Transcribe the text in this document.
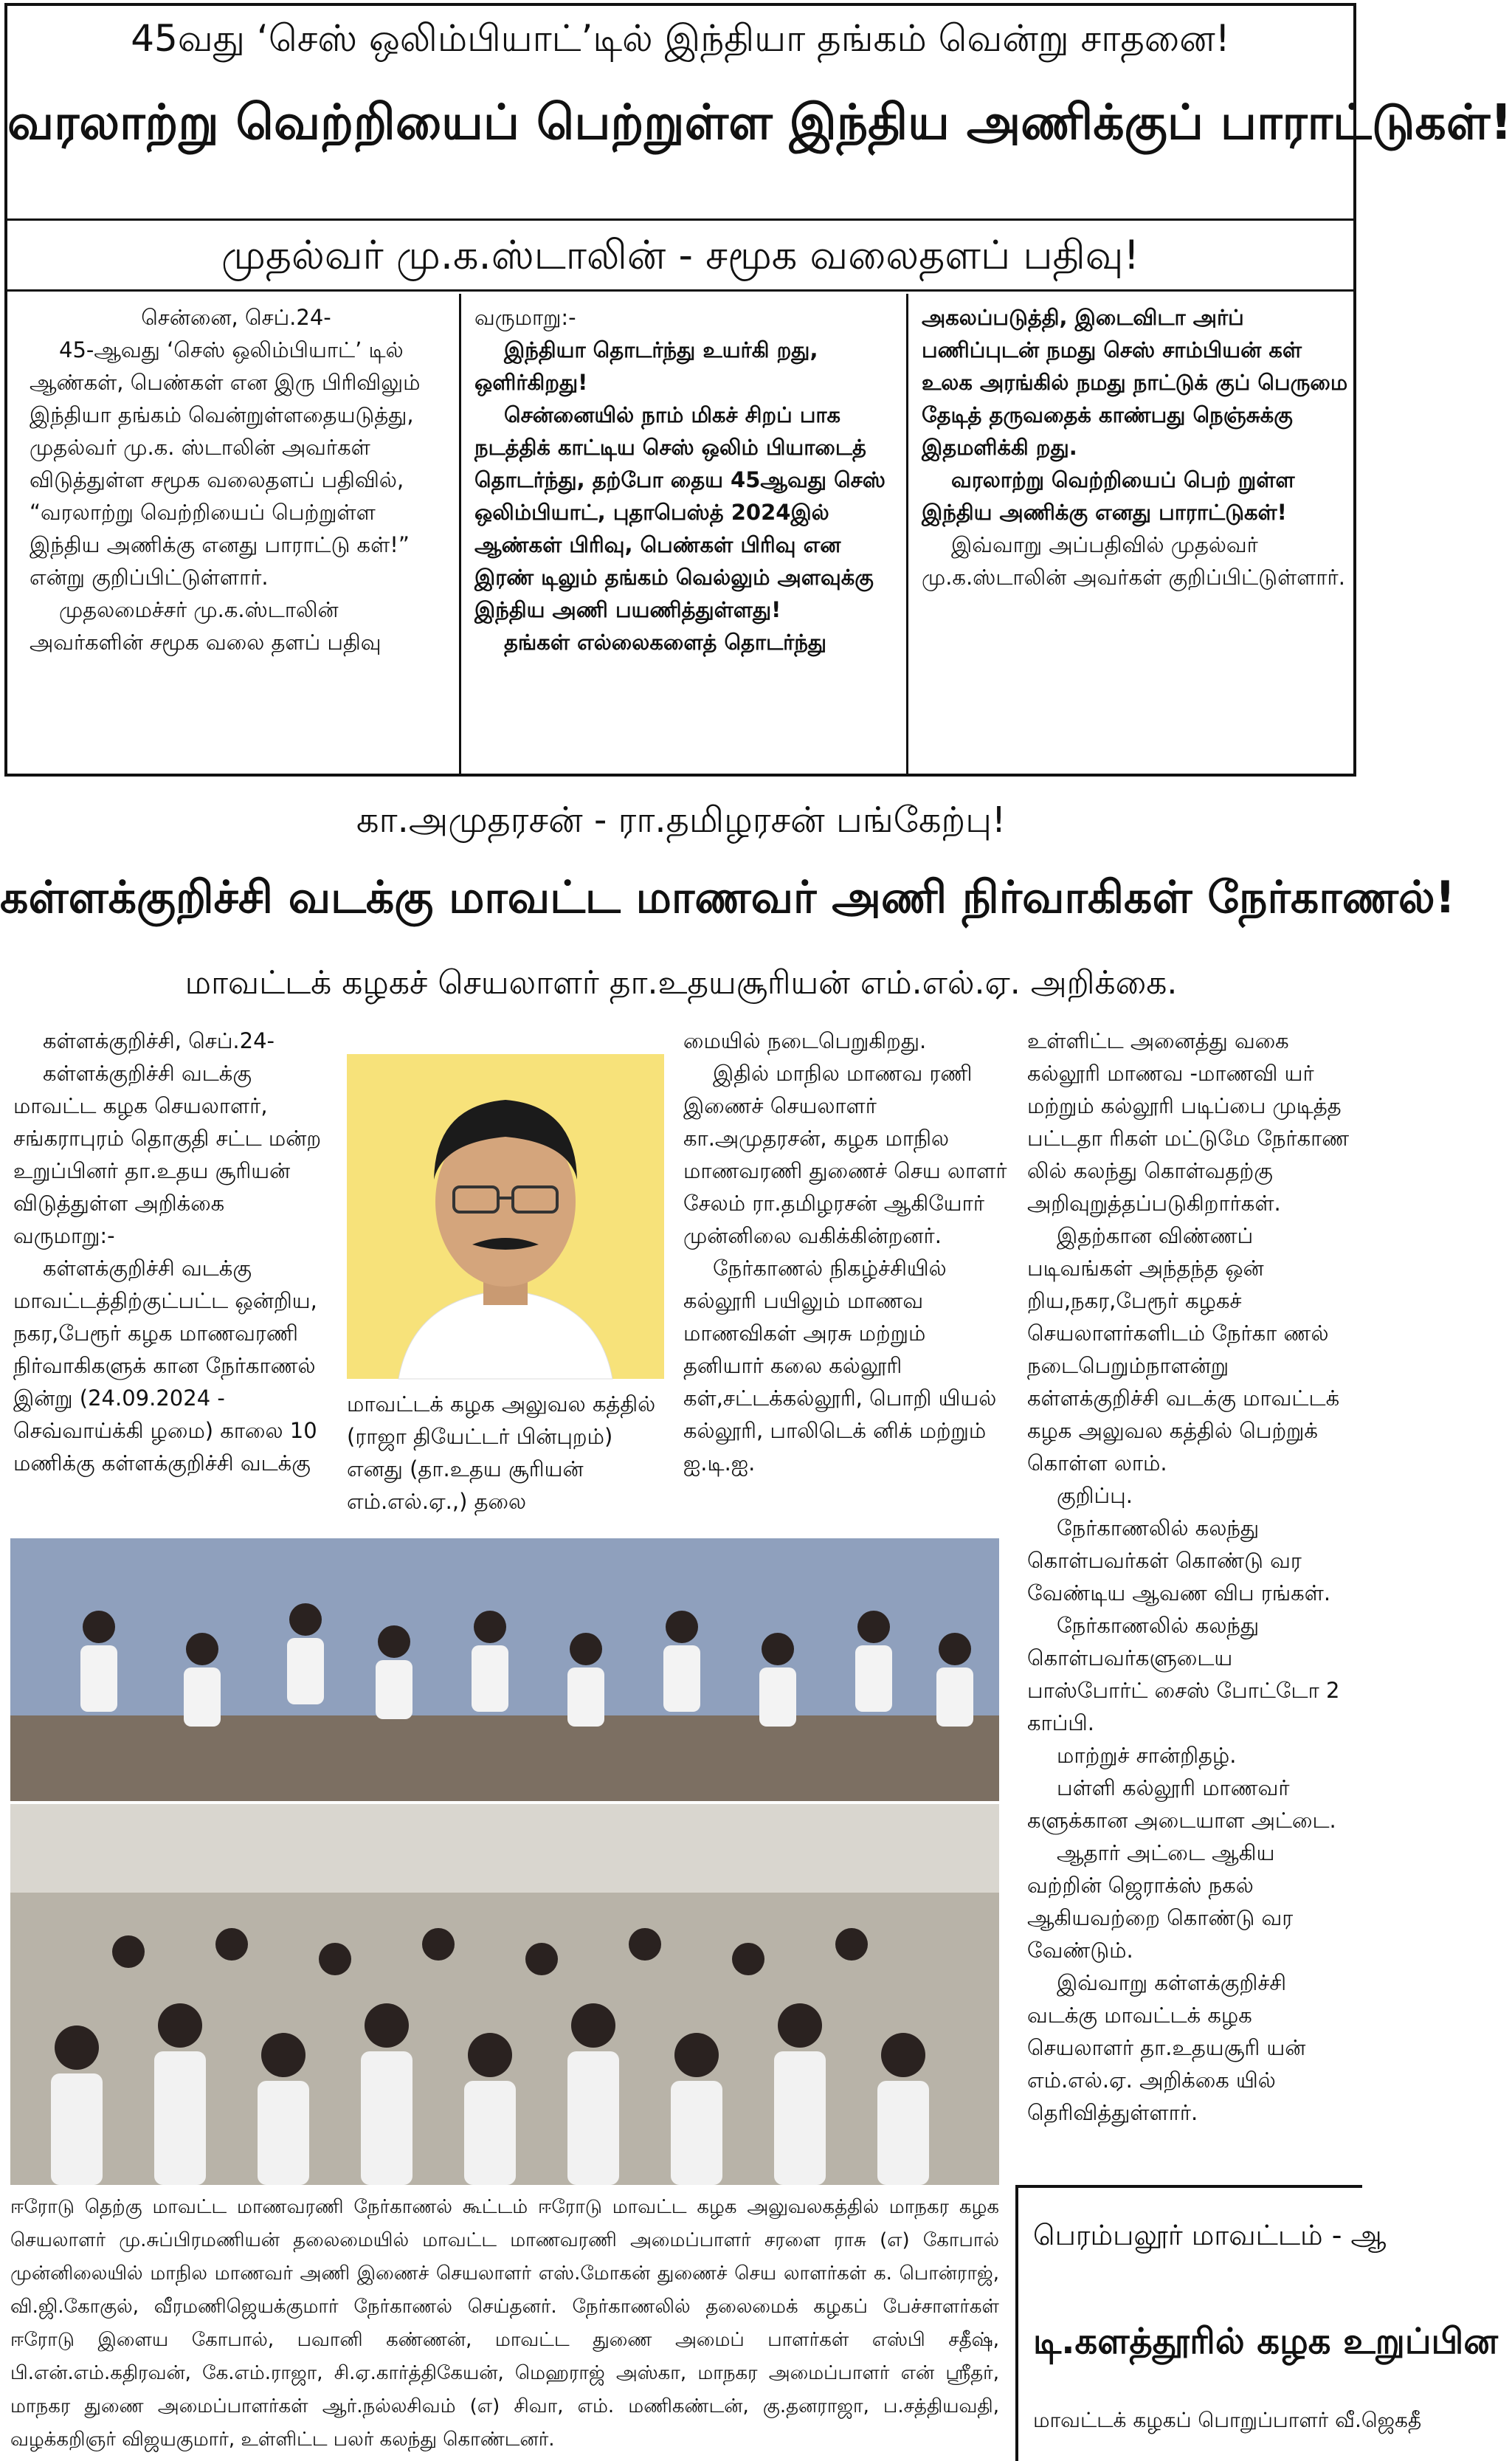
45வது ‘செஸ் ஒலிம்பியாட்’டில் இந்தியா தங்கம் வென்று சாதனை!
வரலாற்று வெற்றியைப் பெற்றுள்ள இந்திய அணிக்குப் பாராட்டுகள்!
முதல்வர் மு.க.ஸ்டாலின் - சமூக வலைதளப் பதிவு!

சென்னை, செப்.24-

45-ஆவது ‘செஸ் ஒலிம்பியாட்’ டில் ஆண்கள், பெண்கள் என இரு பிரிவிலும் இந்தியா தங்கம் வென்றுள்ளதையடுத்து, முதல்வர் மு.க. ஸ்டாலின் அவர்கள் விடுத்துள்ள சமூக வலைதளப் பதிவில், “வரலாற்று வெற்றியைப் பெற்றுள்ள இந்திய அணிக்கு எனது பாராட்டு கள்!” என்று குறிப்பிட்டுள்ளார்.

முதலமைச்சர் மு.க.ஸ்டாலின் அவர்களின் சமூக வலை தளப் பதிவு

வருமாறு:-

இந்தியா தொடர்ந்து உயர்கி றது, ஒளிர்கிறது!

சென்னையில் நாம் மிகச் சிறப் பாக நடத்திக் காட்டிய செஸ் ஒலிம் பியாடைத் தொடர்ந்து, தற்போ தைய 45ஆவது செஸ் ஒலிம்பியாட், புதாபெஸ்த் 2024இல் ஆண்கள் பிரிவு, பெண்கள் பிரிவு என இரண் டிலும் தங்கம் வெல்லும் அளவுக்கு இந்திய அணி பயணித்துள்ளது!

தங்கள் எல்லைகளைத் தொடர்ந்து

அகலப்படுத்தி, இடைவிடா அர்ப் பணிப்புடன் நமது செஸ் சாம்பியன் கள் உலக அரங்கில் நமது நாட்டுக் குப் பெருமை தேடித் தருவதைக் காண்பது நெஞ்சுக்கு இதமளிக்கி றது.

வரலாற்று வெற்றியைப் பெற் றுள்ள இந்திய அணிக்கு எனது பாராட்டுகள்!

இவ்வாறு அப்பதிவில் முதல்வர் மு.க.ஸ்டாலின் அவர்கள் குறிப்பிட்டுள்ளார்.

கா.அமுதரசன் - ரா.தமிழரசன் பங்கேற்பு!
கள்ளக்குறிச்சி வடக்கு மாவட்ட மாணவர் அணி நிர்வாகிகள் நேர்காணல்!
மாவட்டக் கழகச் செயலாளர் தா.உதயசூரியன் எம்.எல்.ஏ. அறிக்கை.

கள்ளக்குறிச்சி, செப்.24-

கள்ளக்குறிச்சி வடக்கு மாவட்ட கழக செயலாளர், சங்கராபுரம் தொகுதி சட்ட மன்ற உறுப்பினர் தா.உதய சூரியன் விடுத்துள்ள அறிக்கை வருமாறு:-

கள்ளக்குறிச்சி வடக்கு மாவட்டத்திற்குட்பட்ட ஒன்றிய, நகர,பேரூர் கழக மாணவரணி நிர்வாகிகளுக் கான நேர்காணல் இன்று (24.09.2024 - செவ்வாய்க்கி ழமை) காலை 10 மணிக்கு கள்ளக்குறிச்சி வடக்கு

மாவட்டக் கழக அலுவல கத்தில் (ராஜா தியேட்டர் பின்புறம்) எனது (தா.உதய சூரியன் எம்.எல்.ஏ.,) தலை

மையில் நடைபெறுகிறது.

இதில் மாநில மாணவ ரணி இணைச் செயலாளர் கா.அமுதரசன், கழக மாநில மாணவரணி துணைச் செய லாளர் சேலம் ரா.தமிழரசன் ஆகியோர் முன்னிலை வகிக்கின்றனர்.

நேர்காணல் நிகழ்ச்சியில் கல்லூரி பயிலும் மாணவ மாணவிகள் அரசு மற்றும் தனியார் கலை கல்லூரி கள்,சட்டக்கல்லூரி, பொறி யியல் கல்லூரி, பாலிடெக் னிக் மற்றும் ஐ.டி.ஐ.

உள்ளிட்ட அனைத்து வகை கல்லூரி மாணவ -மாணவி யர் மற்றும் கல்லூரி படிப்பை முடித்த பட்டதா ரிகள் மட்டுமே நேர்காண லில் கலந்து கொள்வதற்கு அறிவுறுத்தப்படுகிறார்கள்.

இதற்கான விண்ணப் படிவங்கள் அந்தந்த ஒன் றிய,நகர,பேரூர் கழகச் செயலாளர்களிடம் நேர்கா ணல் நடைபெறும்நாளன்று கள்ளக்குறிச்சி வடக்கு மாவட்டக் கழக அலுவல கத்தில் பெற்றுக் கொள்ள லாம்.

குறிப்பு.

நேர்காணலில் கலந்து கொள்பவர்கள் கொண்டு வர வேண்டிய ஆவண விப ரங்கள்.

நேர்காணலில் கலந்து கொள்பவர்களுடைய பாஸ்போர்ட் சைஸ் போட்டோ 2 காப்பி.

மாற்றுச் சான்றிதழ்.

பள்ளி கல்லூரி மாணவர் களுக்கான அடையாள அட்டை.

ஆதார் அட்டை ஆகிய வற்றின் ஜெராக்ஸ் நகல் ஆகியவற்றை கொண்டு வர வேண்டும்.

இவ்வாறு கள்ளக்குறிச்சி வடக்கு மாவட்டக் கழக செயலாளர் தா.உதயசூரி யன் எம்.எல்.ஏ. அறிக்கை யில் தெரிவித்துள்ளார்.

ஈரோடு தெற்கு மாவட்ட மாணவரணி நேர்காணல் கூட்டம் ஈரோடு மாவட்ட கழக அலுவலகத்தில் மாநகர கழக செயலாளர் மு.சுப்பிரமணியன் தலைமையில் மாவட்ட மாணவரணி அமைப்பாளர் சரளை ராசு (எ) கோபால் முன்னிலையில் மாநில மாணவர் அணி இணைச் செயலாளர் எஸ்.மோகன் துணைச் செய லாளர்கள் க. பொன்ராஜ், வி.ஜி.கோகுல், வீரமணிஜெயக்குமார் நேர்காணல் செய்தனர். நேர்காணலில் தலைமைக் கழகப் பேச்சாளர்கள் ஈரோடு இளைய கோபால், பவானி கண்ணன், மாவட்ட துணை அமைப் பாளர்கள் எஸ்பி சதீஷ், பி.என்.எம்.கதிரவன், கே.எம்.ராஜா, சி.ஏ.கார்த்திகேயன், மெஹராஜ் அஸ்கா, மாநகர அமைப்பாளர் என் ஸ்ரீதர், மாநகர துணை அமைப்பாளர்கள் ஆர்.நல்லசிவம் (எ) சிவா, எம். மணிகண்டன், கு.தனராஜா, ப.சத்தியவதி, வழக்கறிஞர் விஜயகுமார், உள்ளிட்ட பலர் கலந்து கொண்டனர்.
பெரம்பலூர் மாவட்டம் - ஆ
டி.களத்தூரில் கழக உறுப்பின
மாவட்டக் கழகப் பொறுப்பாளர் வீ.ஜெகதீ
